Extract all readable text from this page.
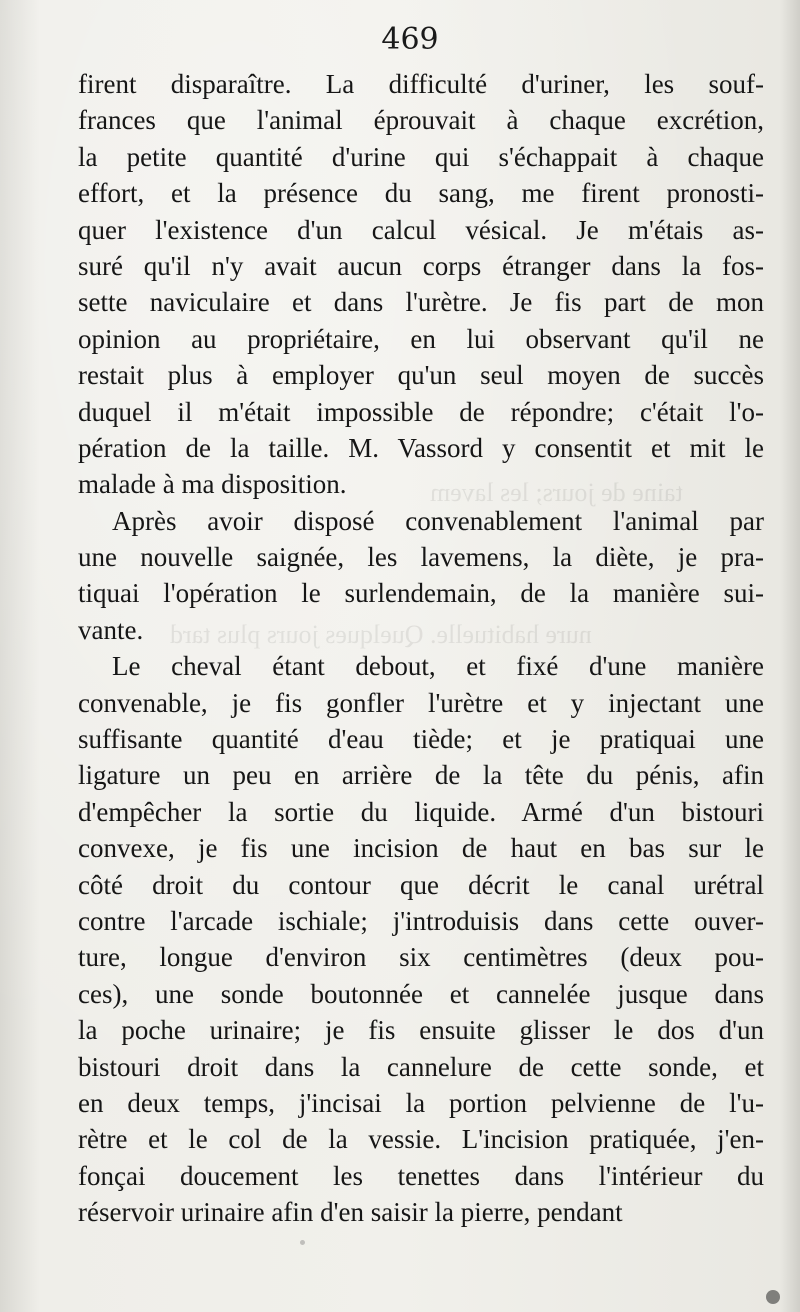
taine de jours; les lavem
nure habituelle. Quelques jours plus tard
469
firent disparaître. La difficulté d'uriner, les souf-
frances que l'animal éprouvait à chaque excrétion,
la petite quantité d'urine qui s'échappait à chaque
effort, et la présence du sang, me firent pronosti-
quer l'existence d'un calcul vésical. Je m'étais as-
suré qu'il n'y avait aucun corps étranger dans la fos-
sette naviculaire et dans l'urètre. Je fis part de mon
opinion au propriétaire, en lui observant qu'il ne
restait plus à employer qu'un seul moyen de succès
duquel il m'était impossible de répondre; c'était l'o-
pération de la taille. M. Vassord y consentit et mit le
malade à ma disposition.
Après avoir disposé convenablement l'animal par
une nouvelle saignée, les lavemens, la diète, je pra-
tiquai l'opération le surlendemain, de la manière sui-
vante.
Le cheval étant debout, et fixé d'une manière
convenable, je fis gonfler l'urètre et y injectant une
suffisante quantité d'eau tiède; et je pratiquai une
ligature un peu en arrière de la tête du pénis, afin
d'empêcher la sortie du liquide. Armé d'un bistouri
convexe, je fis une incision de haut en bas sur le
côté droit du contour que décrit le canal urétral
contre l'arcade ischiale; j'introduisis dans cette ouver-
ture, longue d'environ six centimètres (deux pou-
ces), une sonde boutonnée et cannelée jusque dans
la poche urinaire; je fis ensuite glisser le dos d'un
bistouri droit dans la cannelure de cette sonde, et
en deux temps, j'incisai la portion pelvienne de l'u-
rètre et le col de la vessie. L'incision pratiquée, j'en-
fonçai doucement les tenettes dans l'intérieur du
réservoir urinaire afin d'en saisir la pierre, pendant
